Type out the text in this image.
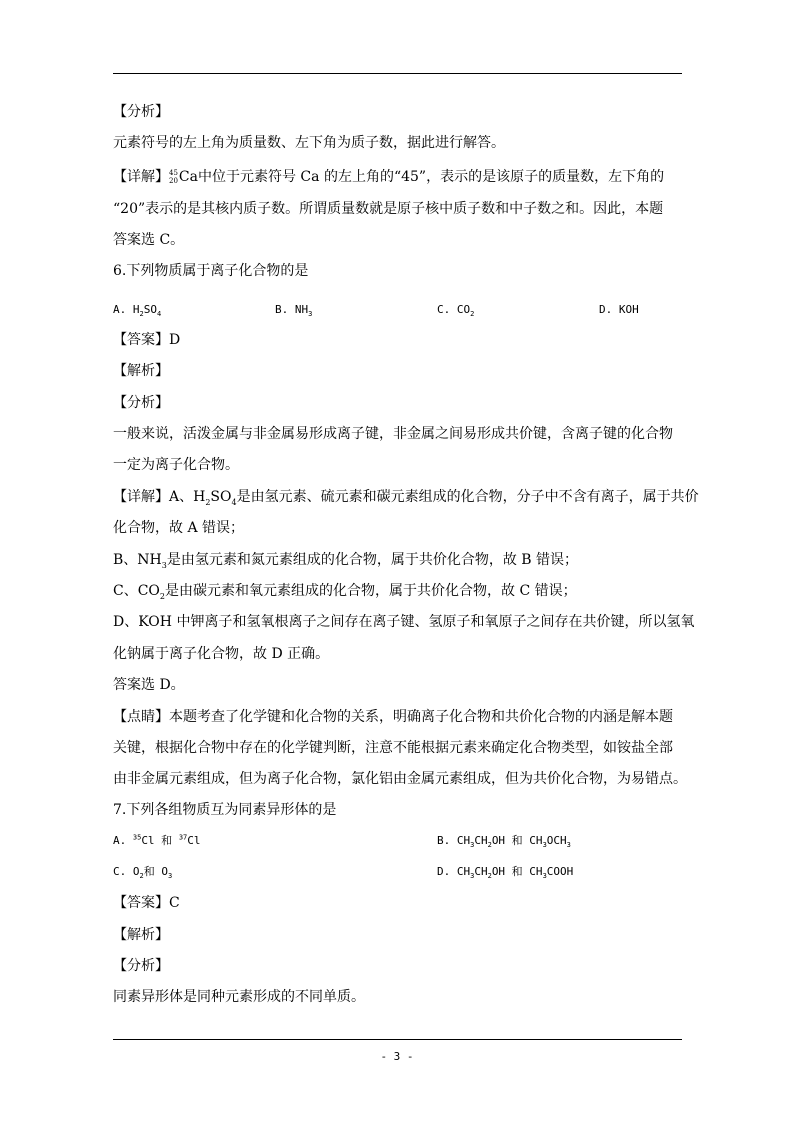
【分析】
元素符号的左上角为质量数、左下角为质子数，据此进行解答。
【详解】 45
20 Ca中位于元素符号 Ca 的左上角的“45”，表示的是该原子的质量数，左下角的
“20”表示的是其核内质子数。所谓质量数就是原子核中质子数和中子数之和。因此，本题
答案选 C。
6.下列物质属于离子化合物的是
A. $H_2SO_4$	B. $NH_3$	C. $CO_2$	D. KOH
【答案】D
【解析】
【分析】
一般来说，活泼金属与非金属易形成离子键，非金属之间易形成共价键，含离子键的化合物
一定为离子化合物。
【详解】A、$H_2SO_4$是由氢元素、硫元素和碳元素组成的化合物，分子中不含有离子，属于共价
化合物，故 A 错误；
B、$NH_3$是由氢元素和氮元素组成的化合物，属于共价化合物，故 B 错误；
C、$CO_2$是由碳元素和氧元素组成的化合物，属于共价化合物，故 C 错误；
D、KOH 中钾离子和氢氧根离子之间存在离子键、氢原子和氧原子之间存在共价键，所以氢氧
化钠属于离子化合物，故 D 正确。
答案选 D。
【点睛】本题考查了化学键和化合物的关系，明确离子化合物和共价化合物的内涵是解本题
关键，根据化合物中存在的化学键判断，注意不能根据元素来确定化合物类型，如铵盐全部
由非金属元素组成，但为离子化合物，氯化铝由金属元素组成，但为共价化合物，为易错点。
7.下列各组物质互为同素异形体的是
A. $^{35}$Cl 和 $^{37}$Cl	B. $CH_3CH_2OH$ 和 $CH_3OCH_3$
C. $O_2$和 $O_3$	D. $CH_3CH_2OH$ 和 $CH_3COOH$
【答案】C
【解析】
【分析】
同素异形体是同种元素形成的不同单质。
- 3 -
